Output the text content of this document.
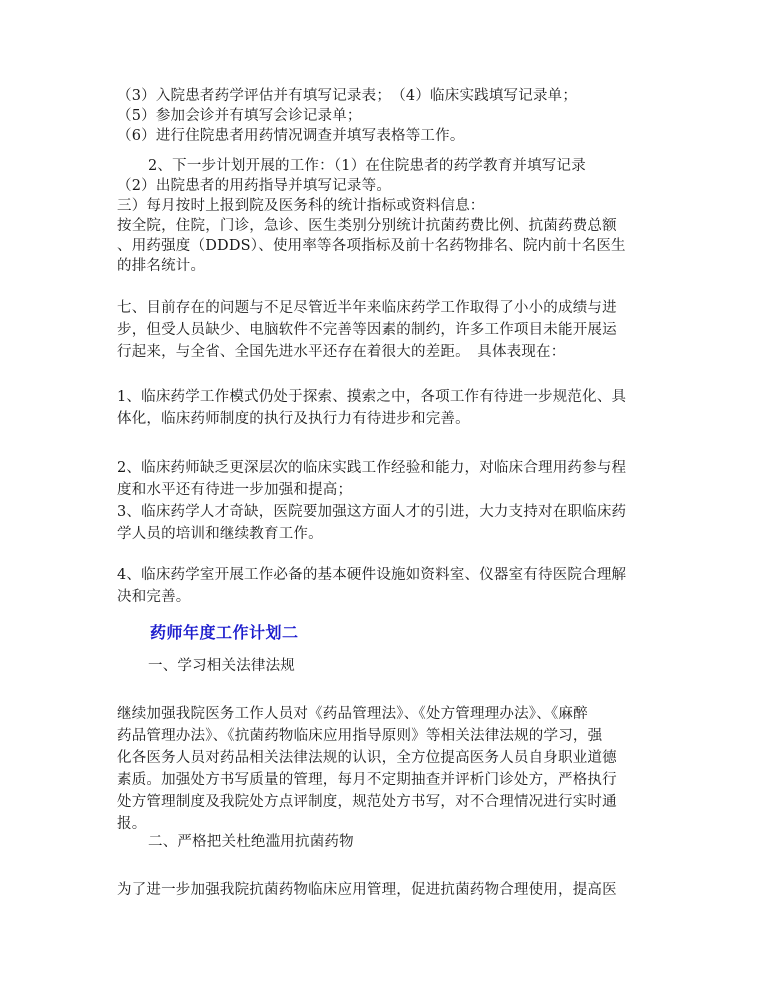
（3）入院患者药学评估并有填写记录表；　（4）临床实践填写记录单；
（5）参加会诊并有填写会诊记录单；
（6）进行住院患者用药情况调查并填写表格等工作。
2、下一步计划开展的工作：（1）在住院患者的药学教育并填写记录
（2）出院患者的用药指导并填写记录等。
三）每月按时上报到院及医务科的统计指标或资料信息：
按全院，住院，门诊，急诊、医生类别分别统计抗菌药费比例、抗菌药费总额
、用药强度（DDDS）、使用率等各项指标及前十名药物排名、院内前十名医生
的排名统计。
七、目前存在的问题与不足尽管近半年来临床药学工作取得了小小的成绩与进
步，但受人员缺少、电脑软件不完善等因素的制约，许多工作项目未能开展运
行起来，与全省、全国先进水平还存在着很大的差距。　具体表现在：
1、临床药学工作模式仍处于探索、摸索之中，各项工作有待进一步规范化、具
体化，临床药师制度的执行及执行力有待进步和完善。
2、临床药师缺乏更深层次的临床实践工作经验和能力，对临床合理用药参与程
度和水平还有待进一步加强和提高；
3、临床药学人才奇缺，医院要加强这方面人才的引进，大力支持对在职临床药
学人员的培训和继续教育工作。
4、临床药学室开展工作必备的基本硬件设施如资料室、仪器室有待医院合理解
决和完善。
药师年度工作计划二
一、学习相关法律法规
继续加强我院医务工作人员对《药品管理法》、《处方管理理办法》、《麻醉
药品管理办法》、《抗菌药物临床应用指导原则》等相关法律法规的学习，强
化各医务人员对药品相关法律法规的认识，全方位提高医务人员自身职业道德
素质。加强处方书写质量的管理，每月不定期抽查并评析门诊处方，严格执行
处方管理制度及我院处方点评制度，规范处方书写，对不合理情况进行实时通
报。
二、严格把关杜绝滥用抗菌药物
为了进一步加强我院抗菌药物临床应用管理，促进抗菌药物合理使用，提高医
